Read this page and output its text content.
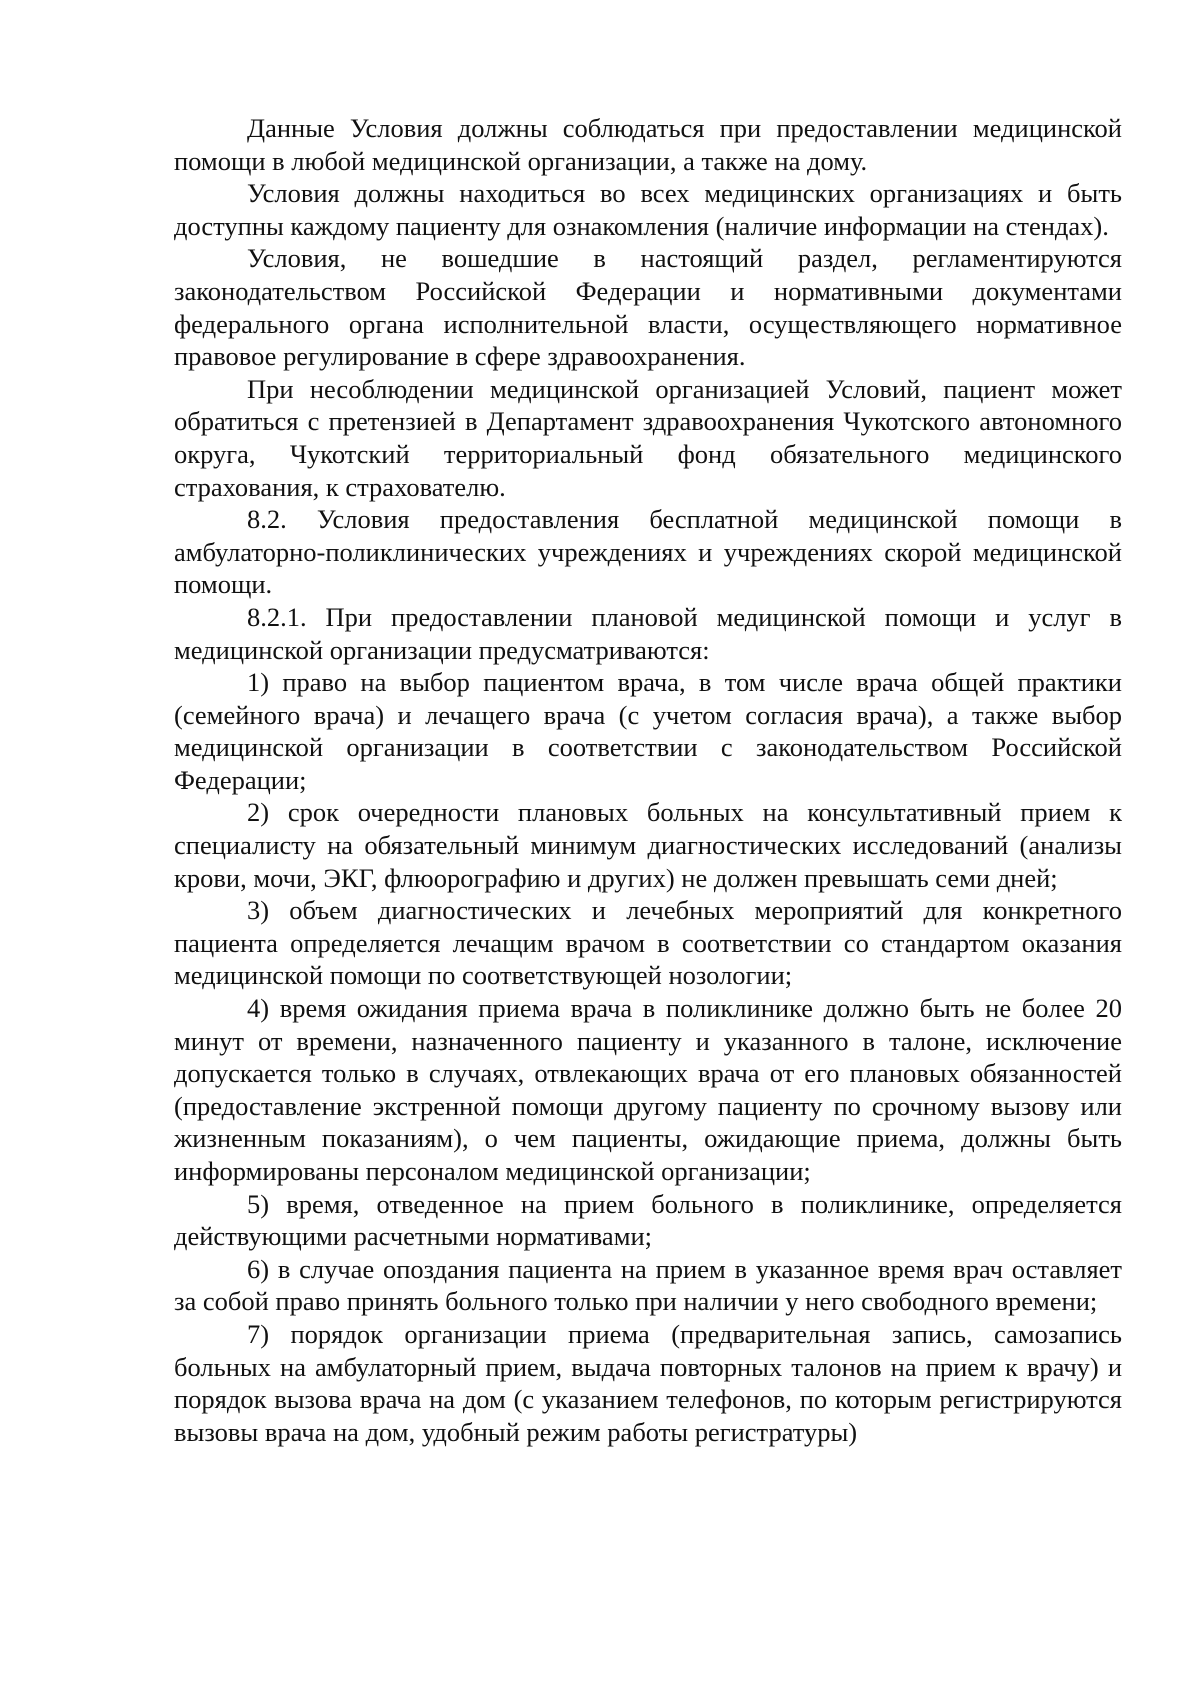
Данные Условия должны соблюдаться при предоставлении медицинской помощи в любой медицинской организации, а также на дому.

Условия должны находиться во всех медицинских организациях и быть доступны каждому пациенту для ознакомления (наличие информации на стендах).

Условия, не вошедшие в настоящий раздел, регламентируются законодательством Российской Федерации и нормативными документами федерального органа исполнительной власти, осуществляющего нормативное правовое регулирование в сфере здравоохранения.

При несоблюдении медицинской организацией Условий, пациент может обратиться с претензией в Департамент здравоохранения Чукотского автономного округа, Чукотский территориальный фонд обязательного медицинского страхования, к страхователю.

8.2. Условия предоставления бесплатной медицинской помощи в амбулаторно-поликлинических учреждениях и учреждениях скорой медицинской помощи.

8.2.1. При предоставлении плановой медицинской помощи и услуг в медицинской организации предусматриваются:

1) право на выбор пациентом врача, в том числе врача общей практики (семейного врача) и лечащего врача (с учетом согласия врача), а также выбор медицинской организации в соответствии с законодательством Российской Федерации;

2) срок очередности плановых больных на консультативный прием к специалисту на обязательный минимум диагностических исследований (анализы крови, мочи, ЭКГ, флюорографию и других) не должен превышать семи дней;

3) объем диагностических и лечебных мероприятий для конкретного пациента определяется лечащим врачом в соответствии со стандартом оказания медицинской помощи по соответствующей нозологии;

4) время ожидания приема врача в поликлинике должно быть не более 20 минут от времени, назначенного пациенту и указанного в талоне, исключение допускается только в случаях, отвлекающих врача от его плановых обязанностей (предоставление экстренной помощи другому пациенту по срочному вызову или жизненным показаниям), о чем пациенты, ожидающие приема, должны быть информированы персоналом медицинской организации;

5) время, отведенное на прием больного в поликлинике, определяется действующими расчетными нормативами;

6) в случае опоздания пациента на прием в указанное время врач оставляет за собой право принять больного только при наличии у него свободного времени;

7) порядок организации приема (предварительная запись, самозапись больных на амбулаторный прием, выдача повторных талонов на прием к врачу) и порядок вызова врача на дом (с указанием телефонов, по которым регистрируются вызовы врача на дом, удобный режим работы регистратуры)
